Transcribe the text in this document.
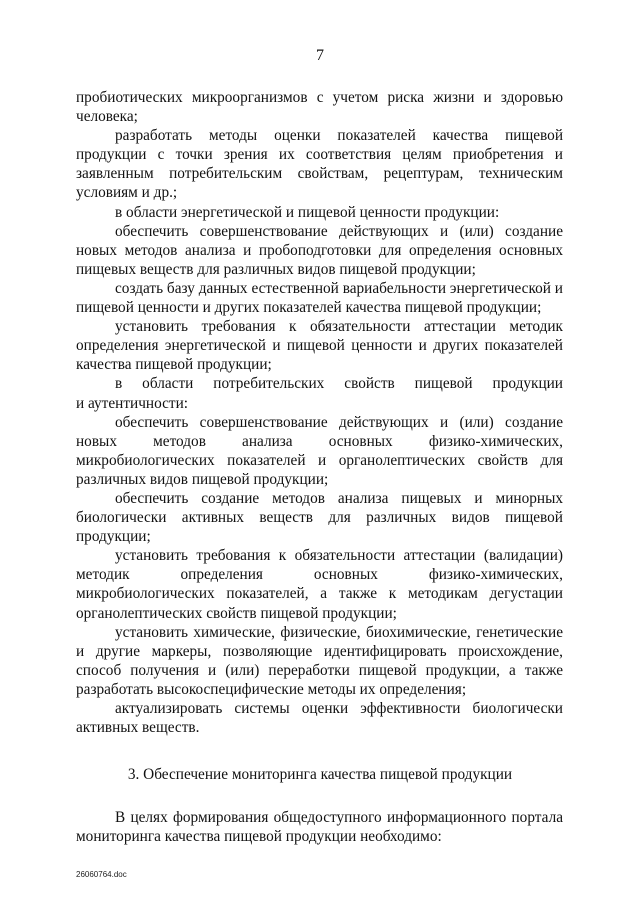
7

пробиотических микроорганизмов с учетом риска жизни и здоровью человека;

разработать методы оценки показателей качества пищевой продукции с точки зрения их соответствия целям приобретения и заявленным потребительским свойствам, рецептурам, техническим условиям и др.;

в области энергетической и пищевой ценности продукции:

обеспечить совершенствование действующих и (или) создание новых методов анализа и пробоподготовки для определения основных пищевых веществ для различных видов пищевой продукции;

создать базу данных естественной вариабельности энергетической и пищевой ценности и других показателей качества пищевой продукции;

установить требования к обязательности аттестации методик определения энергетической и пищевой ценности и других показателей качества пищевой продукции;

в области потребительских свойств пищевой продукции

и аутентичности:

обеспечить совершенствование действующих и (или) создание новых методов анализа основных физико-химических, микробиологических показателей и органолептических свойств для различных видов пищевой продукции;

обеспечить создание методов анализа пищевых и минорных биологически активных веществ для различных видов пищевой продукции;

установить требования к обязательности аттестации (валидации) методик определения основных физико-химических, микробиологических показателей, а также к методикам дегустации органолептических свойств пищевой продукции;

установить химические, физические, биохимические, генетические и другие маркеры, позволяющие идентифицировать происхождение, способ получения и (или) переработки пищевой продукции, а также разработать высокоспецифические методы их определения;

актуализировать системы оценки эффективности биологически активных веществ.

3. Обеспечение мониторинга качества пищевой продукции

В целях формирования общедоступного информационного портала мониторинга качества пищевой продукции необходимо:

26060764.doc
